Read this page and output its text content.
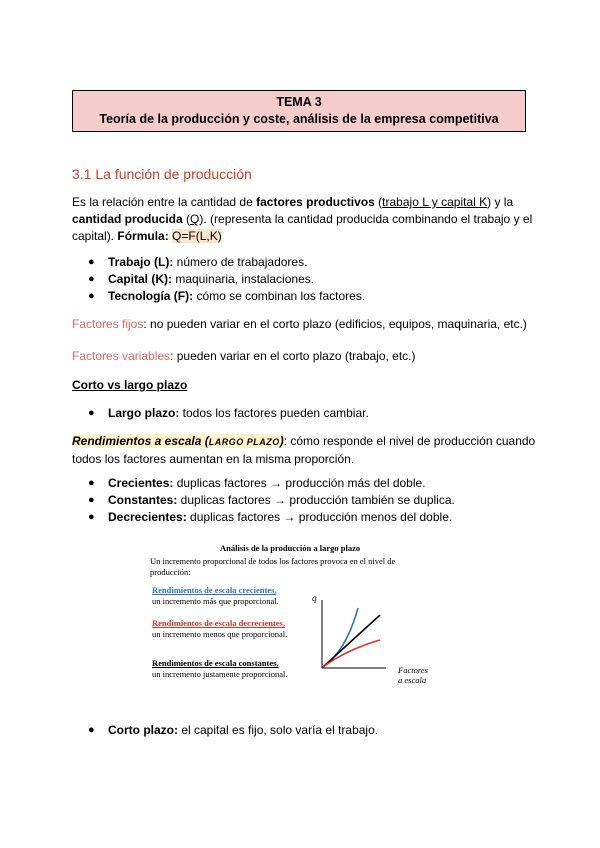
TEMA 3
Teoría de la producción y coste, análisis de la empresa competitiva
3.1 La función de producción
Es la relación entre la cantidad de factores productivos (trabajo L y capital K) y la cantidad producida (Q). (representa la cantidad producida combinando el trabajo y el capital). Fórmula: Q=F(L,K)
● Trabajo (L): número de trabajadores.
● Capital (K): maquinaria, instalaciones.
● Tecnología (F): cómo se combinan los factores.
Factores fijos: no pueden variar en el corto plazo (edificios, equipos, maquinaria, etc.)
Factores variables: pueden variar en el corto plazo (trabajo, etc.)
Corto vs largo plazo
● Largo plazo: todos los factores pueden cambiar.
Rendimientos a escala (LARGO PLAZO): cómo responde el nivel de producción cuando todos los factores aumentan en la misma proporción.
● Crecientes: duplicas factores → producción más del doble.
● Constantes: duplicas factores → producción también se duplica.
● Decrecientes: duplicas factores → producción menos del doble.
Análisis de la producción a largo plazo
Un incremento proporcional de todos los factores provoca en el nivel de producción:
Rendimientos de escala crecientes,
un incremento más que proporcional.
Rendimientos de escala decrecientes,
un incremento menos que proporcional.
Rendimientos de escala constantes,
un incremento justamente proporcional.
q
Factores
a escala
● Corto plazo: el capital es fijo, solo varía el trabajo.
